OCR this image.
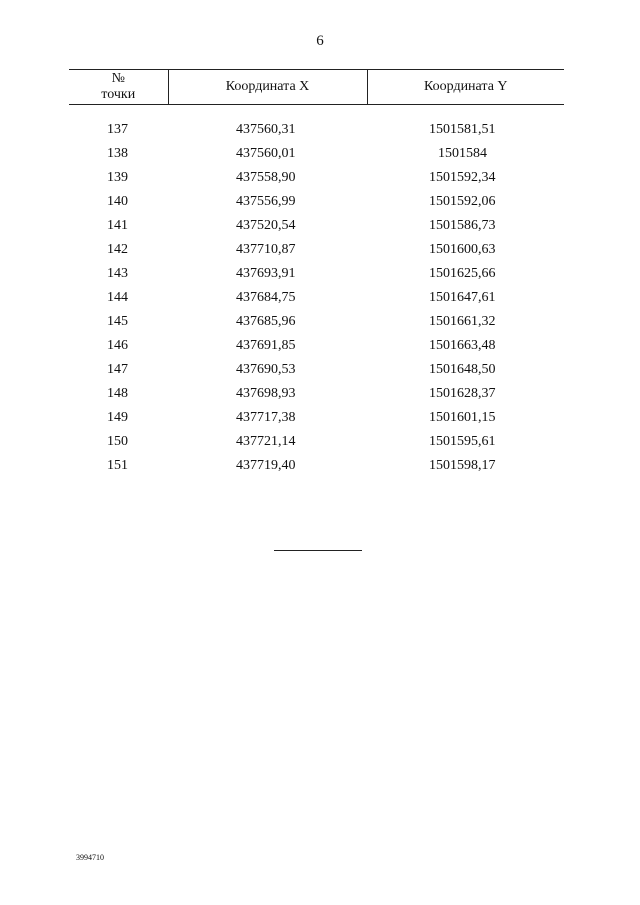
6
№
точки	Координата X	Координата Y

137	437560,31	1501581,51
138	437560,01	1501584
139	437558,90	1501592,34
140	437556,99	1501592,06
141	437520,54	1501586,73
142	437710,87	1501600,63
143	437693,91	1501625,66
144	437684,75	1501647,61
145	437685,96	1501661,32
146	437691,85	1501663,48
147	437690,53	1501648,50
148	437698,93	1501628,37
149	437717,38	1501601,15
150	437721,14	1501595,61
151	437719,40	1501598,17
3994710
